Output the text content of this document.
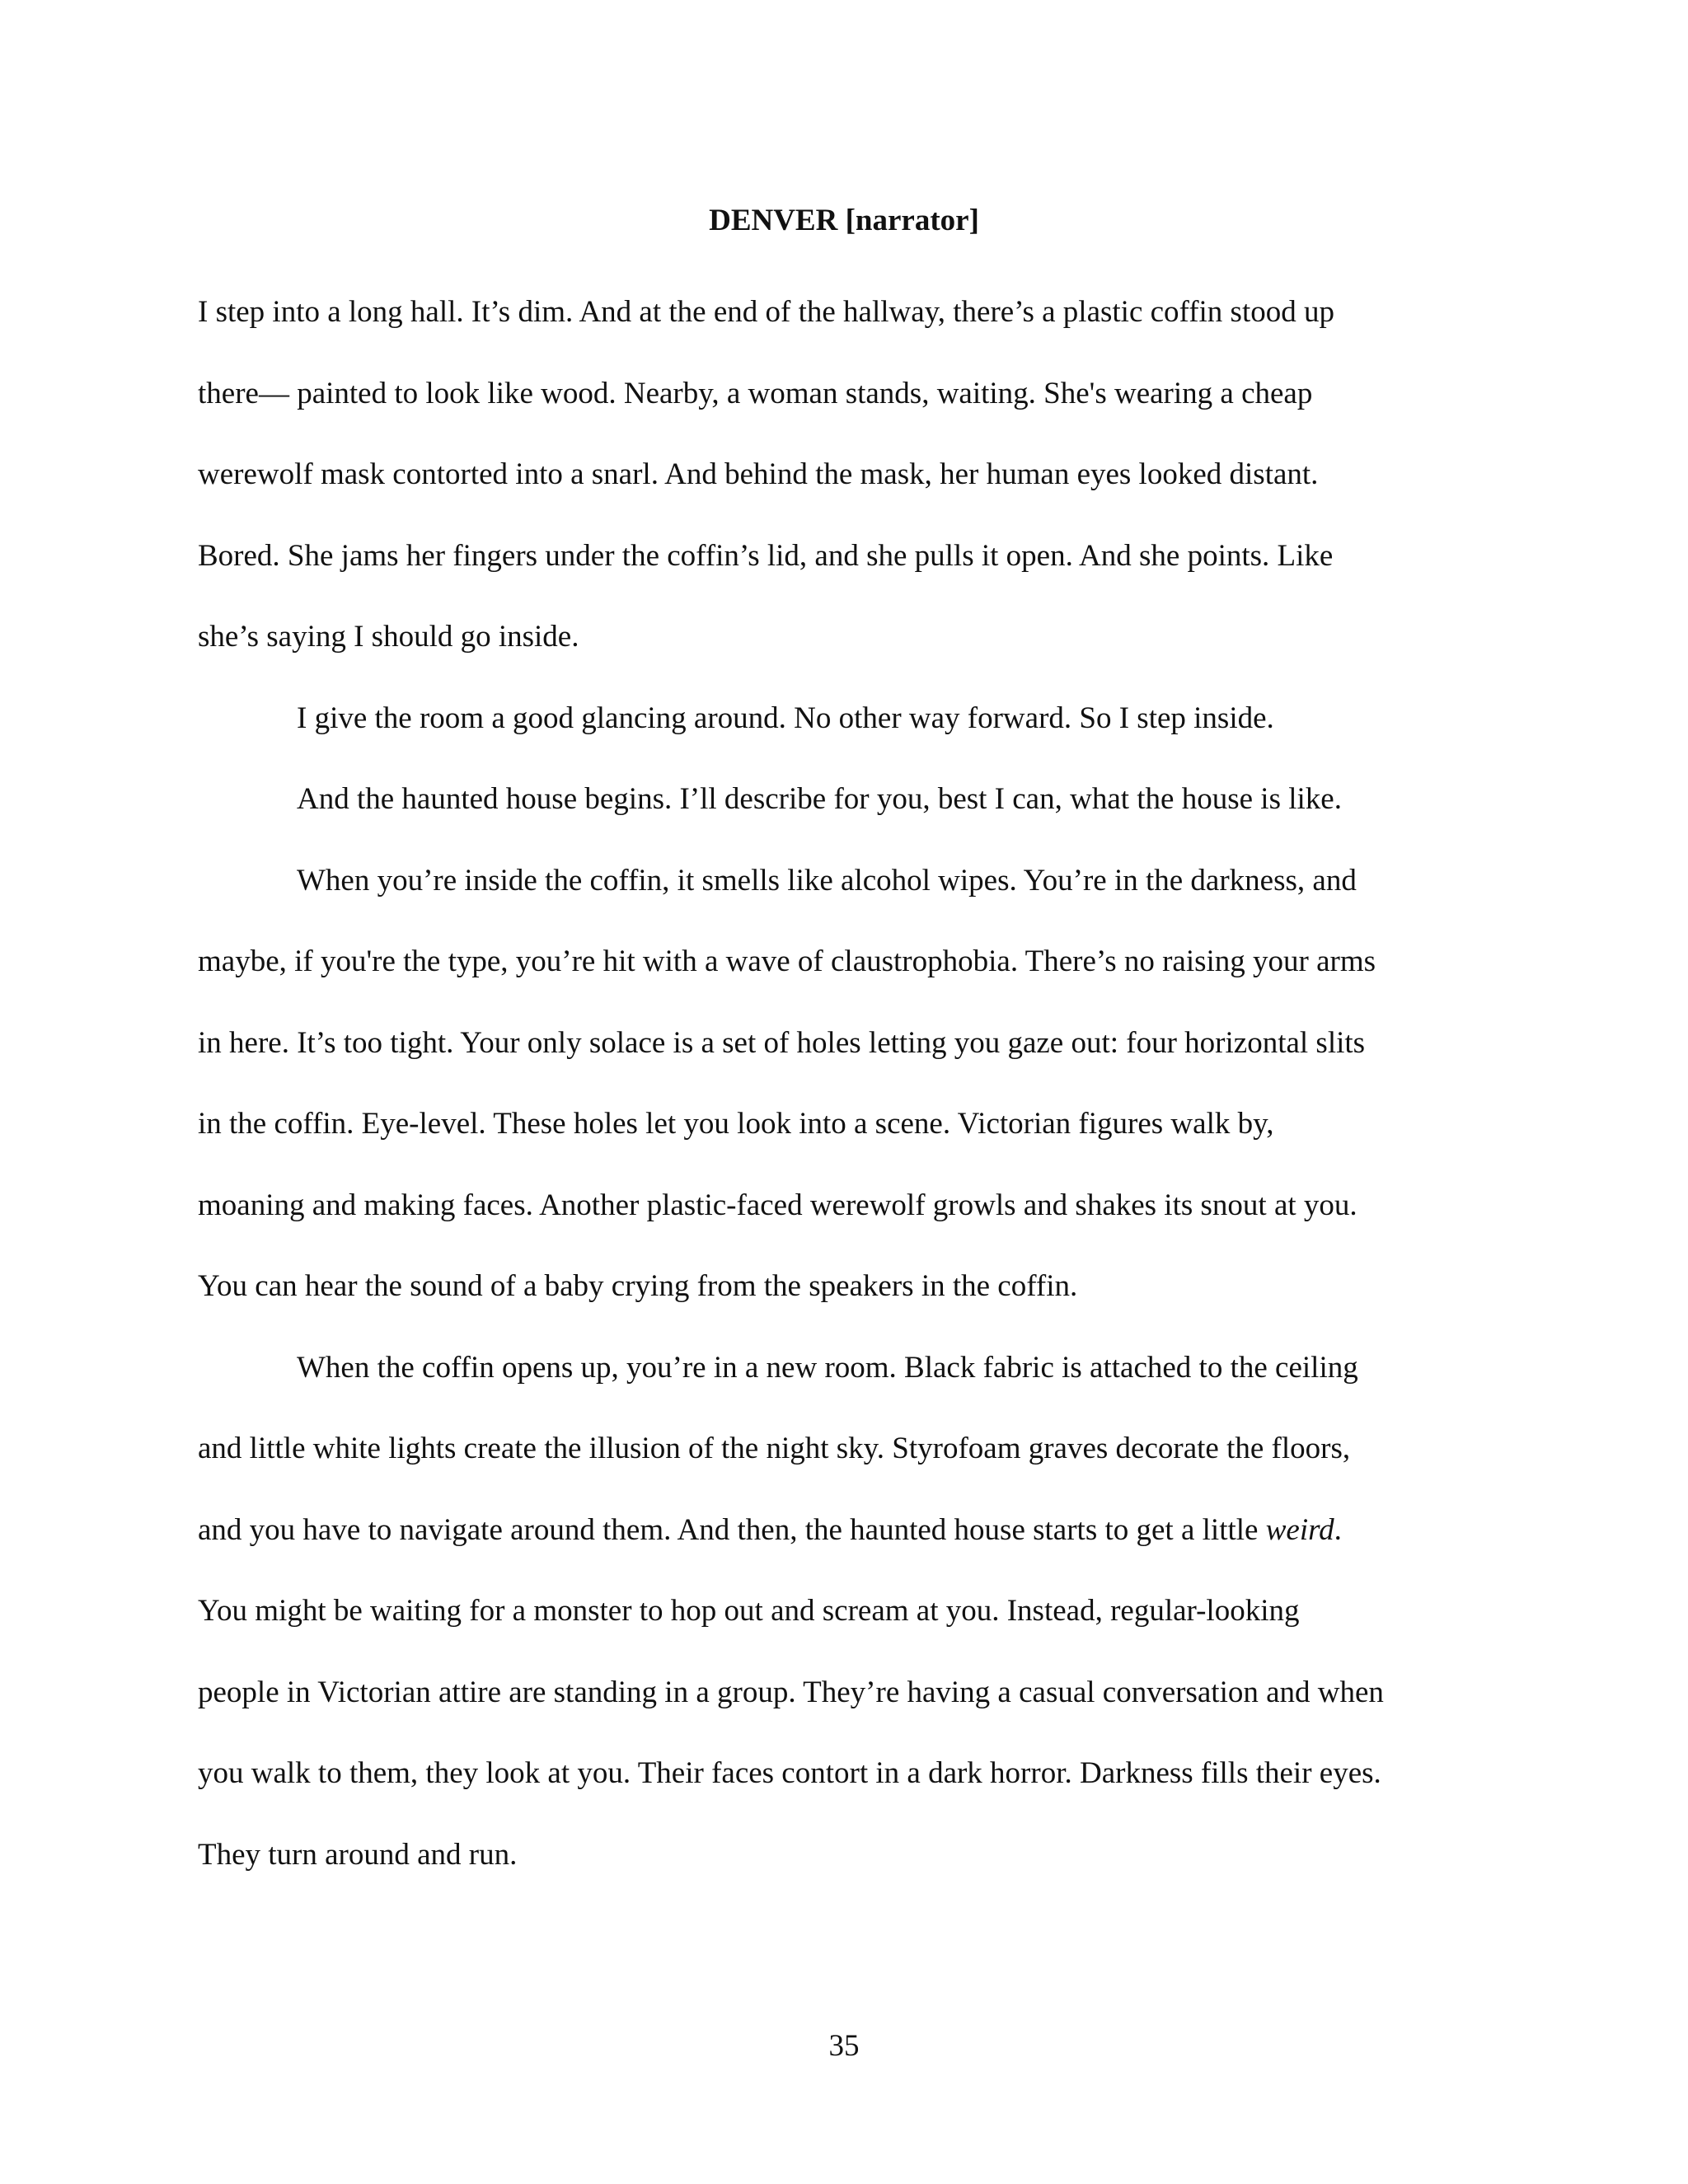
DENVER [narrator]
I step into a long hall. It’s dim. And at the end of the hallway, there’s a plastic coffin stood up
there— painted to look like wood. Nearby, a woman stands, waiting. She's wearing a cheap
werewolf mask contorted into a snarl. And behind the mask, her human eyes looked distant.
Bored. She jams her fingers under the coffin’s lid, and she pulls it open. And she points. Like
she’s saying I should go inside.
I give the room a good glancing around. No other way forward. So I step inside.
And the haunted house begins. I’ll describe for you, best I can, what the house is like.
When you’re inside the coffin, it smells like alcohol wipes. You’re in the darkness, and
maybe, if you're the type, you’re hit with a wave of claustrophobia. There’s no raising your arms
in here. It’s too tight. Your only solace is a set of holes letting you gaze out: four horizontal slits
in the coffin. Eye-level. These holes let you look into a scene. Victorian figures walk by,
moaning and making faces. Another plastic-faced werewolf growls and shakes its snout at you.
You can hear the sound of a baby crying from the speakers in the coffin.
When the coffin opens up, you’re in a new room. Black fabric is attached to the ceiling
and little white lights create the illusion of the night sky. Styrofoam graves decorate the floors,
and you have to navigate around them. And then, the haunted house starts to get a little weird.
You might be waiting for a monster to hop out and scream at you. Instead, regular-looking
people in Victorian attire are standing in a group. They’re having a casual conversation and when
you walk to them, they look at you. Their faces contort in a dark horror. Darkness fills their eyes.
They turn around and run.
35
